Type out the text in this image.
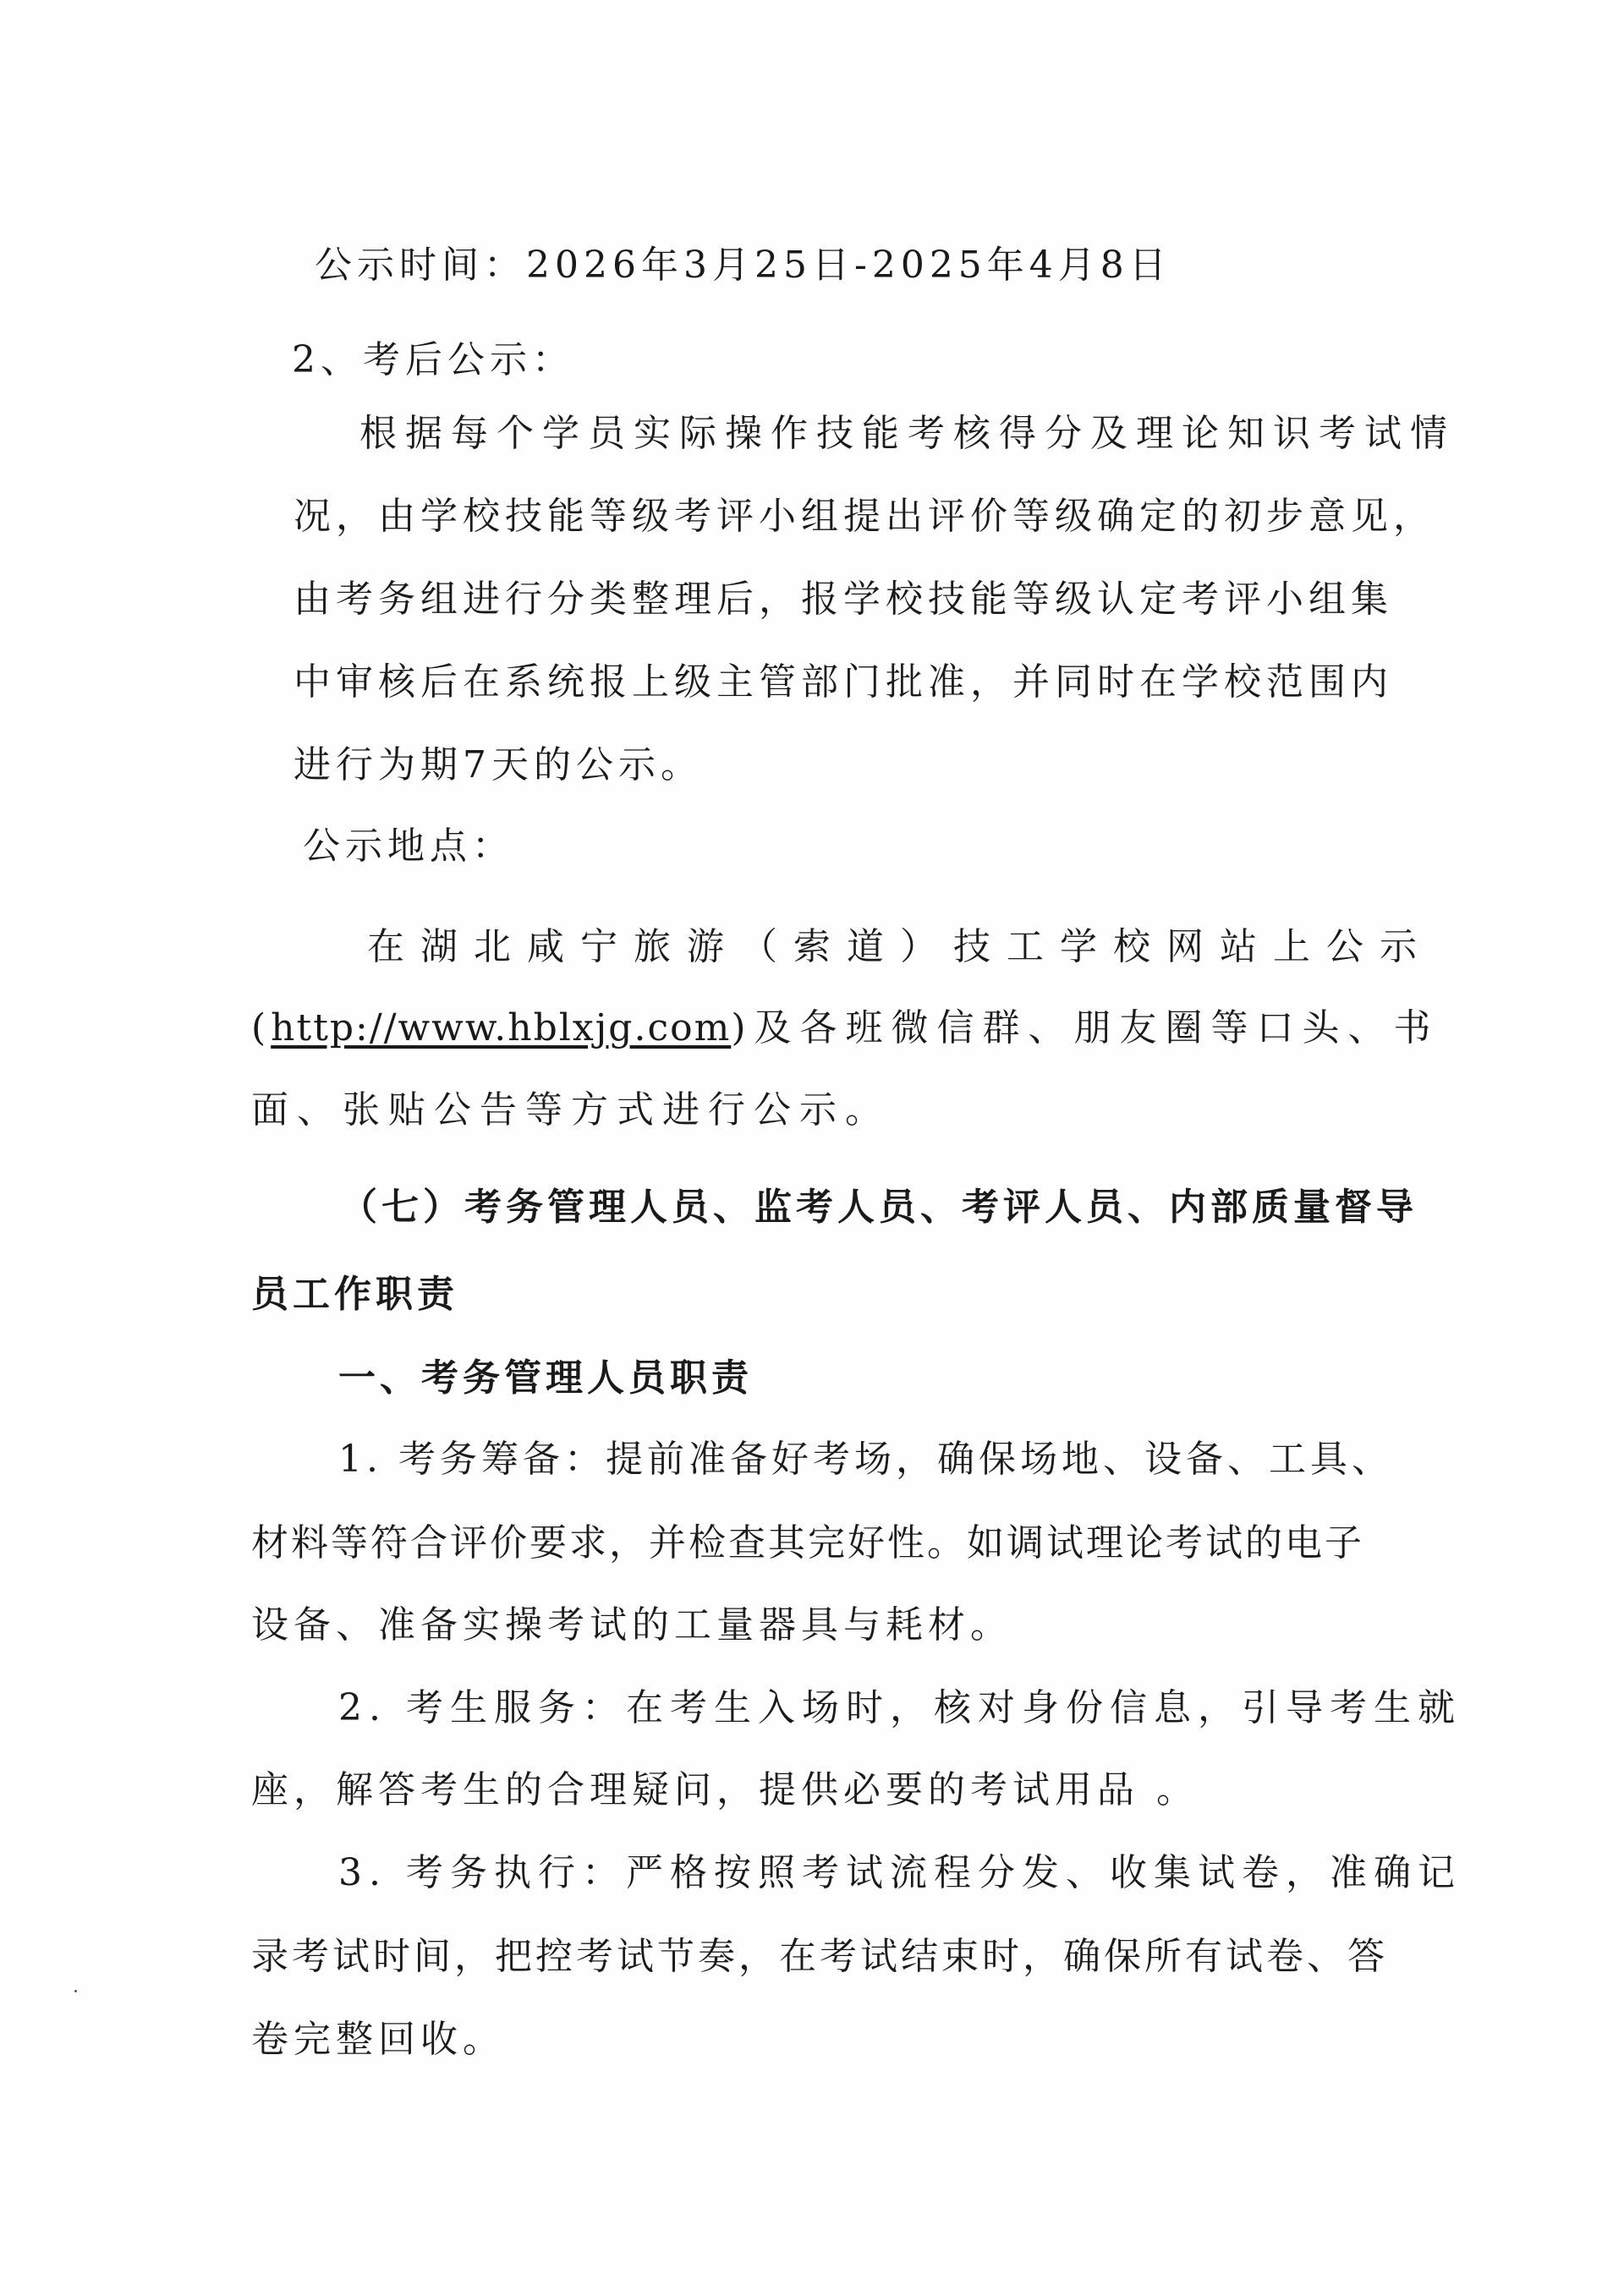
公示时间：2026年3月25日-2025年4月8日
2、考后公示：
根据每个学员实际操作技能考核得分及理论知识考试情
况，由学校技能等级考评小组提出评价等级确定的初步意见，
由考务组进行分类整理后，报学校技能等级认定考评小组集
中审核后在系统报上级主管部门批准，并同时在学校范围内
进行为期7天的公示。
公示地点：
在湖北咸宁旅游（索道）技工学校网站上公示
(http://www.hblxjg.com)及各班微信群、朋友圈等口头、书
面、张贴公告等方式进行公示。
（七）考务管理人员、监考人员、考评人员、内部质量督导
员工作职责
一、考务管理人员职责
1. 考务筹备：提前准备好考场，确保场地、设备、工具、
材料等符合评价要求，并检查其完好性。如调试理论考试的电子
设备、准备实操考试的工量器具与耗材。
2. 考生服务：在考生入场时，核对身份信息，引导考生就
座，解答考生的合理疑问，提供必要的考试用品 。
3. 考务执行：严格按照考试流程分发、收集试卷，准确记
录考试时间，把控考试节奏，在考试结束时，确保所有试卷、答
卷完整回收。
